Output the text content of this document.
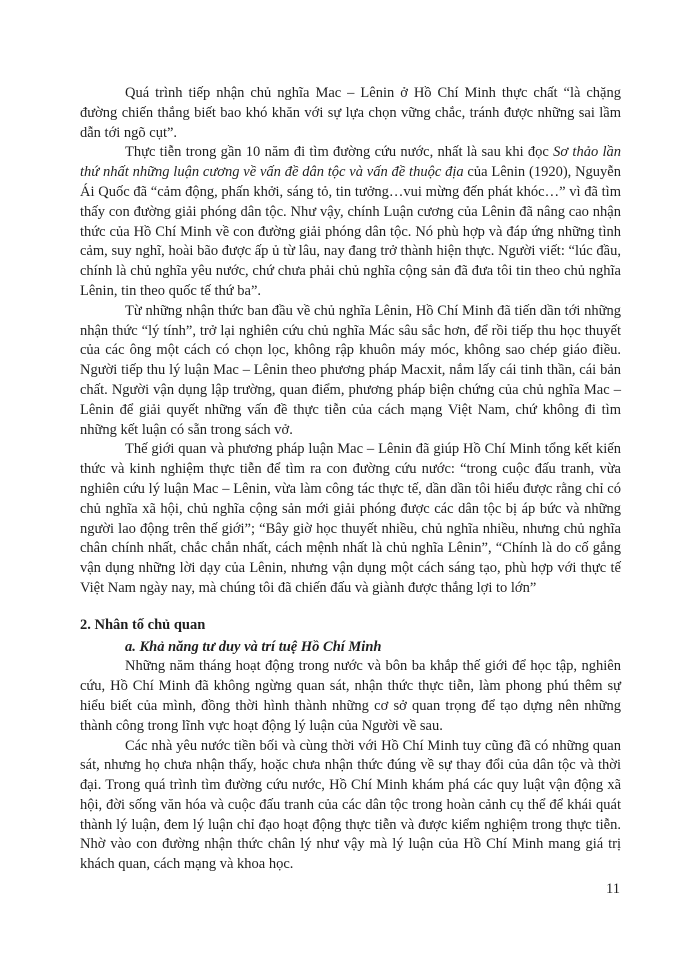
Quá trình tiếp nhận chủ nghĩa Mac – Lênin ở Hồ Chí Minh thực chất “là chặng đường chiến thắng biết bao khó khăn với sự lựa chọn vững chắc, tránh được những sai lầm dẫn tới ngõ cụt”.

Thực tiễn trong gần 10 năm đi tìm đường cứu nước, nhất là sau khi đọc Sơ thảo lần thứ nhất những luận cương về vấn đề dân tộc và vấn đề thuộc địa của Lênin (1920), Nguyễn Ái Quốc đã “cảm động, phấn khởi, sáng tỏ, tin tưởng…vui mừng đến phát khóc…” vì đã tìm thấy con đường giải phóng dân tộc. Như vậy, chính Luận cương của Lênin đã nâng cao nhận thức của Hồ Chí Minh về con đường giải phóng dân tộc. Nó phù hợp và đáp ứng những tình cảm, suy nghĩ, hoài bão được ấp ủ từ lâu, nay đang trở thành hiện thực. Người viết: “lúc đầu, chính là chủ nghĩa yêu nước, chứ chưa phải chủ nghĩa cộng sản đã đưa tôi tin theo chủ nghĩa Lênin, tin theo quốc tế thứ ba”.

Từ những nhận thức ban đầu về chủ nghĩa Lênin, Hồ Chí Minh đã tiến dần tới những nhận thức “lý tính”, trở lại nghiên cứu chủ nghĩa Mác sâu sắc hơn, để rồi tiếp thu học thuyết của các ông một cách có chọn lọc, không rập khuôn máy móc, không sao chép giáo điều. Người tiếp thu lý luận Mac – Lênin theo phương pháp Macxit, nắm lấy cái tinh thần, cái bản chất. Người vận dụng lập trường, quan điểm, phương pháp biện chứng của chủ nghĩa Mac – Lênin để giải quyết những vấn đề thực tiễn của cách mạng Việt Nam, chứ không đi tìm những kết luận có sẵn trong sách vở.

Thế giới quan và phương pháp luận Mac – Lênin đã giúp Hồ Chí Minh tổng kết kiến thức và kinh nghiệm thực tiễn để tìm ra con đường cứu nước: “trong cuộc đấu tranh, vừa nghiên cứu lý luận Mac – Lênin, vừa làm công tác thực tế, dần dần tôi hiểu được rằng chỉ có chủ nghĩa xã hội, chủ nghĩa cộng sản mới giải phóng được các dân tộc bị áp bức và những người lao động trên thế giới”; “Bây giờ học thuyết nhiều, chủ nghĩa nhiều, nhưng chủ nghĩa chân chính nhất, chắc chắn nhất, cách mệnh nhất là chủ nghĩa Lênin”, “Chính là do cố gắng vận dụng những lời dạy của Lênin, nhưng vận dụng một cách sáng tạo, phù hợp với thực tế Việt Nam ngày nay, mà chúng tôi đã chiến đấu và giành được thắng lợi to lớn”

2. Nhân tố chủ quan

a. Khả năng tư duy và trí tuệ Hồ Chí Minh

Những năm tháng hoạt động trong nước và bôn ba khắp thế giới để học tập, nghiên cứu, Hồ Chí Minh đã không ngừng quan sát, nhận thức thực tiễn, làm phong phú thêm sự hiểu biết của mình, đồng thời hình thành những cơ sở quan trọng để tạo dựng nên những thành công trong lĩnh vực hoạt động lý luận của Người về sau.

Các nhà yêu nước tiền bối và cùng thời với Hồ Chí Minh tuy cũng đã có những quan sát, nhưng họ chưa nhận thấy, hoặc chưa nhận thức đúng về sự thay đổi của dân tộc và thời đại. Trong quá trình tìm đường cứu nước, Hồ Chí Minh khám phá các quy luật vận động xã hội, đời sống văn hóa và cuộc đấu tranh của các dân tộc trong hoàn cảnh cụ thể để khái quát thành lý luận, đem lý luận chỉ đạo hoạt động thực tiễn và được kiểm nghiệm trong thực tiễn. Nhờ vào con đường nhận thức chân lý như vậy mà lý luận của Hồ Chí Minh mang giá trị khách quan, cách mạng và khoa học.

11
